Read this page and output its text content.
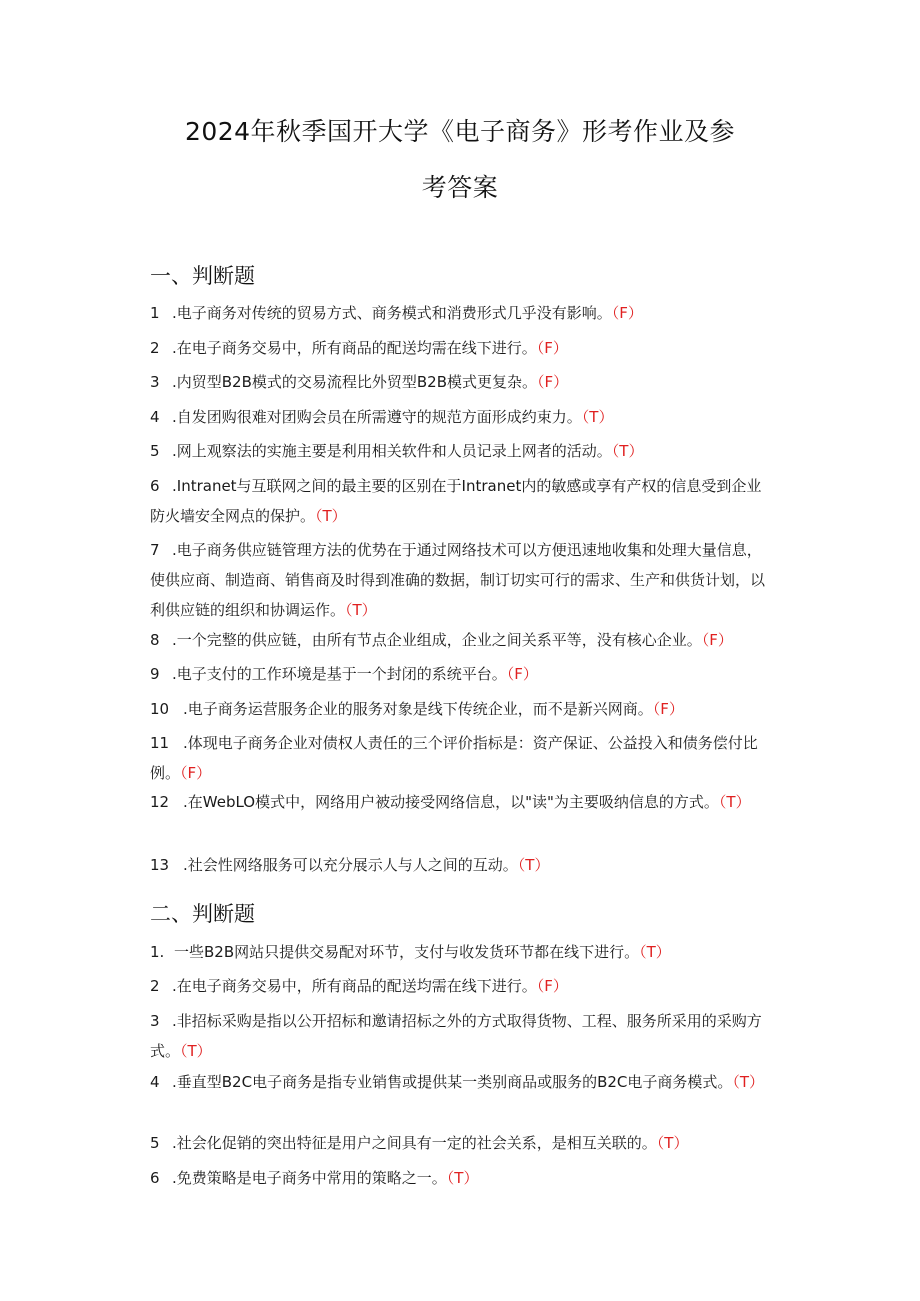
2024年秋季国开大学《电子商务》形考作业及参
考答案
一、判断题
1 .电子商务对传统的贸易方式、商务模式和消费形式几乎没有影响。（F）
2 .在电子商务交易中，所有商品的配送均需在线下进行。（F）
3 .内贸型B2B模式的交易流程比外贸型B2B模式更复杂。（F）
4 .自发团购很难对团购会员在所需遵守的规范方面形成约束力。（T）
5 .网上观察法的实施主要是利用相关软件和人员记录上网者的活动。（T）
6 .Intranet与互联网之间的最主要的区别在于Intranet内的敏感或享有产权的信息受到企业防火墙安全网点的保护。（T）
7 .电子商务供应链管理方法的优势在于通过网络技术可以方便迅速地收集和处理大量信息，使供应商、制造商、销售商及时得到准确的数据，制订切实可行的需求、生产和供货计划，以利供应链的组织和协调运作。（T）
8 .一个完整的供应链，由所有节点企业组成，企业之间关系平等，没有核心企业。（F）
9 .电子支付的工作环境是基于一个封闭的系统平台。（F）
10 .电子商务运营服务企业的服务对象是线下传统企业，而不是新兴网商。（F）
11 .体现电子商务企业对债权人责任的三个评价指标是：资产保证、公益投入和债务偿付比例。（F）
12 .在WebLO模式中，网络用户被动接受网络信息，以"读"为主要吸纳信息的方式。（T）
13 .社会性网络服务可以充分展示人与人之间的互动。（T）
二、判断题
1. 一些B2B网站只提供交易配对环节，支付与收发货环节都在线下进行。（T）
2 .在电子商务交易中，所有商品的配送均需在线下进行。（F）
3 .非招标采购是指以公开招标和邀请招标之外的方式取得货物、工程、服务所采用的采购方式。（T）
4 .垂直型B2C电子商务是指专业销售或提供某一类别商品或服务的B2C电子商务模式。（T）
5 .社会化促销的突出特征是用户之间具有一定的社会关系，是相互关联的。（T）
6 .免费策略是电子商务中常用的策略之一。（T）
